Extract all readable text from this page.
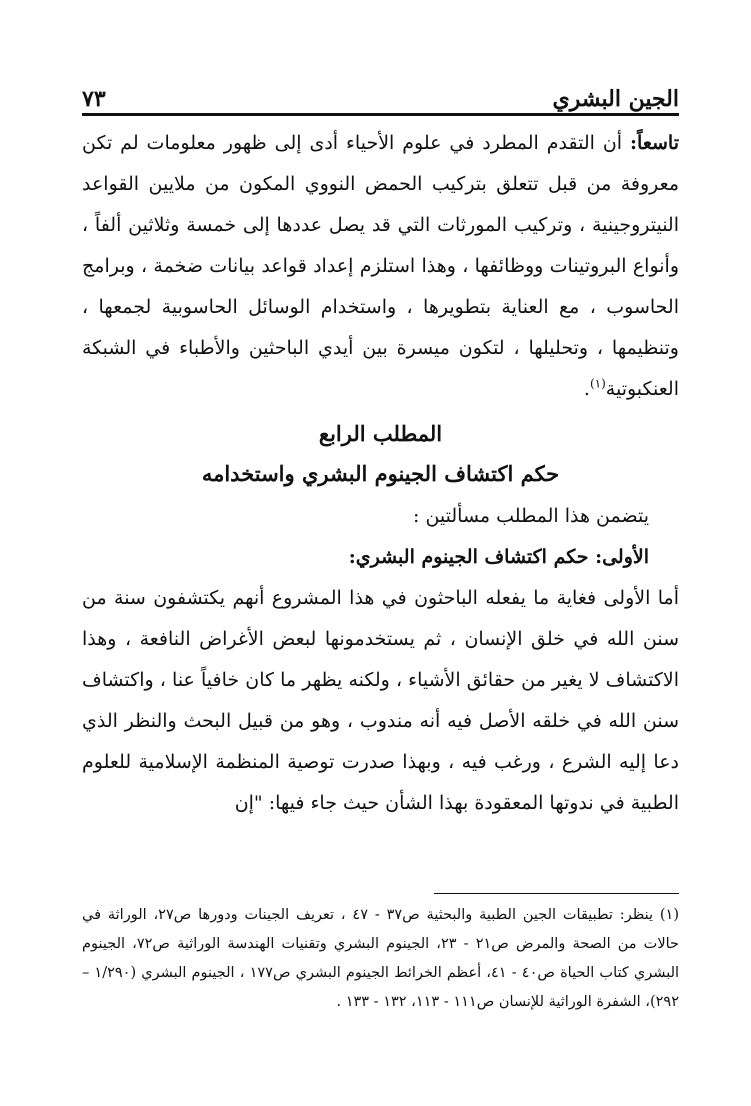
الجين البشري
٧٣

تاسعاً: أن التقدم المطرد في علوم الأحياء أدى إلى ظهور معلومات لم تكن معروفة من قبل تتعلق بتركيب الحمض النووي المكون من ملايين القواعد النيتروجينية ، وتركيب المورثات التي قد يصل عددها إلى خمسة وثلاثين ألفاً ، وأنواع البروتينات ووظائفها ، وهذا استلزم إعداد قواعد بيانات ضخمة ، وبرامج الحاسوب ، مع العناية بتطويرها ، واستخدام الوسائل الحاسوبية لجمعها ، وتنظيمها ، وتحليلها ، لتكون ميسرة بين أيدي الباحثين والأطباء في الشبكة العنكبوتية$^{(١)}$.

المطلب الرابع
حكم اكتشاف الجينوم البشري واستخدامه

يتضمن هذا المطلب مسألتين :

الأولى: حكم اكتشاف الجينوم البشري:

أما الأولى فغاية ما يفعله الباحثون في هذا المشروع أنهم يكتشفون سنة من سنن الله في خلق الإنسان ، ثم يستخدمونها لبعض الأغراض النافعة ، وهذا الاكتشاف لا يغير من حقائق الأشياء ، ولكنه يظهر ما كان خافياً عنا ، واكتشاف سنن الله في خلقه الأصل فيه أنه مندوب ، وهو من قبيل البحث والنظر الذي دعا إليه الشرع ، ورغب فيه ، وبهذا صدرت توصية المنظمة الإسلامية للعلوم الطبية في ندوتها المعقودة بهذا الشأن حيث جاء فيها: "إن

(١) ينظر: تطبيقات الجين الطبية والبحثية ص٣٧ - ٤٧ ، تعريف الجينات ودورها ص٢٧، الوراثة في حالات من الصحة والمرض ص٢١ - ٢٣، الجينوم البشري وتقنيات الهندسة الوراثية ص٧٢، الجينوم البشري كتاب الحياة ص٤٠ - ٤١، أعظم الخرائط الجينوم البشري ص١٧٧ ، الجينوم البشري (١/٢٩٠ – ٢٩٢)، الشفرة الوراثية للإنسان ص١١١ - ١١٣، ١٣٢ - ١٣٣ .
